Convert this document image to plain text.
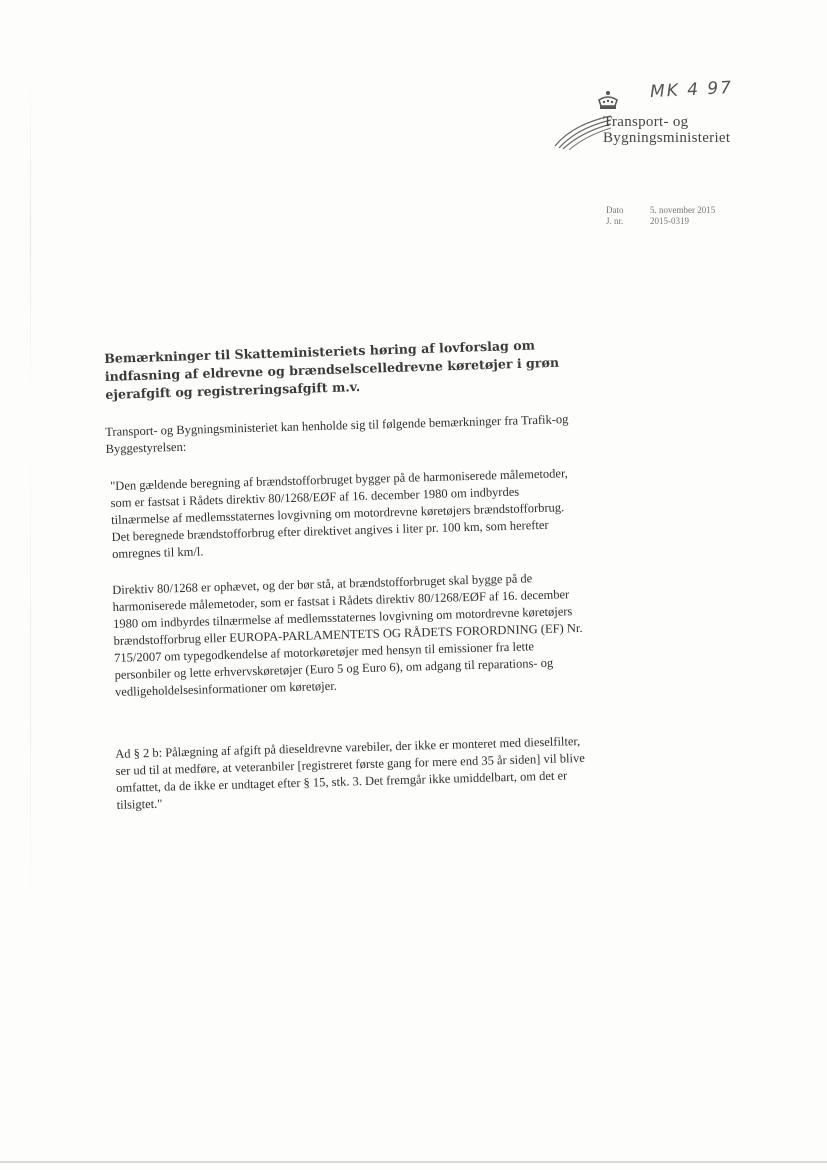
MK 4 97
Transport- og
Bygningsministeriet
Dato	5. november 2015
J. nr.	2015-0319
Bemærkninger til Skatteministeriets høring af lovforslag om indfasning af eldrevne og brændselscelledrevne køretøjer i grøn ejerafgift og registreringsafgift m.v.
Transport- og Bygningsministeriet kan henholde sig til følgende bemærkninger fra Trafik-og Byggestyrelsen:
"Den gældende beregning af brændstofforbruget bygger på de harmoniserede målemetoder, som er fastsat i Rådets direktiv 80/1268/EØF af 16. december 1980 om indbyrdes tilnærmelse af medlemsstaternes lovgivning om motordrevne køretøjers brændstofforbrug. Det beregnede brændstofforbrug efter direktivet angives i liter pr. 100 km, som herefter omregnes til km/l.
Direktiv 80/1268 er ophævet, og der bør stå, at brændstofforbruget skal bygge på de harmoniserede målemetoder, som er fastsat i Rådets direktiv 80/1268/EØF af 16. december 1980 om indbyrdes tilnærmelse af medlemsstaternes lovgivning om motordrevne køretøjers brændstofforbrug eller EUROPA-PARLAMENTETS OG RÅDETS FORORDNING (EF) Nr. 715/2007 om typegodkendelse af motorkøretøjer med hensyn til emissioner fra lette personbiler og lette erhvervskøretøjer (Euro 5 og Euro 6), om adgang til reparations- og vedligeholdelsesinformationer om køretøjer.
Ad § 2 b: Pålægning af afgift på dieseldrevne varebiler, der ikke er monteret med dieselfilter, ser ud til at medføre, at veteranbiler [registreret første gang for mere end 35 år siden] vil blive omfattet, da de ikke er undtaget efter § 15, stk. 3. Det fremgår ikke umiddelbart, om det er tilsigtet."
